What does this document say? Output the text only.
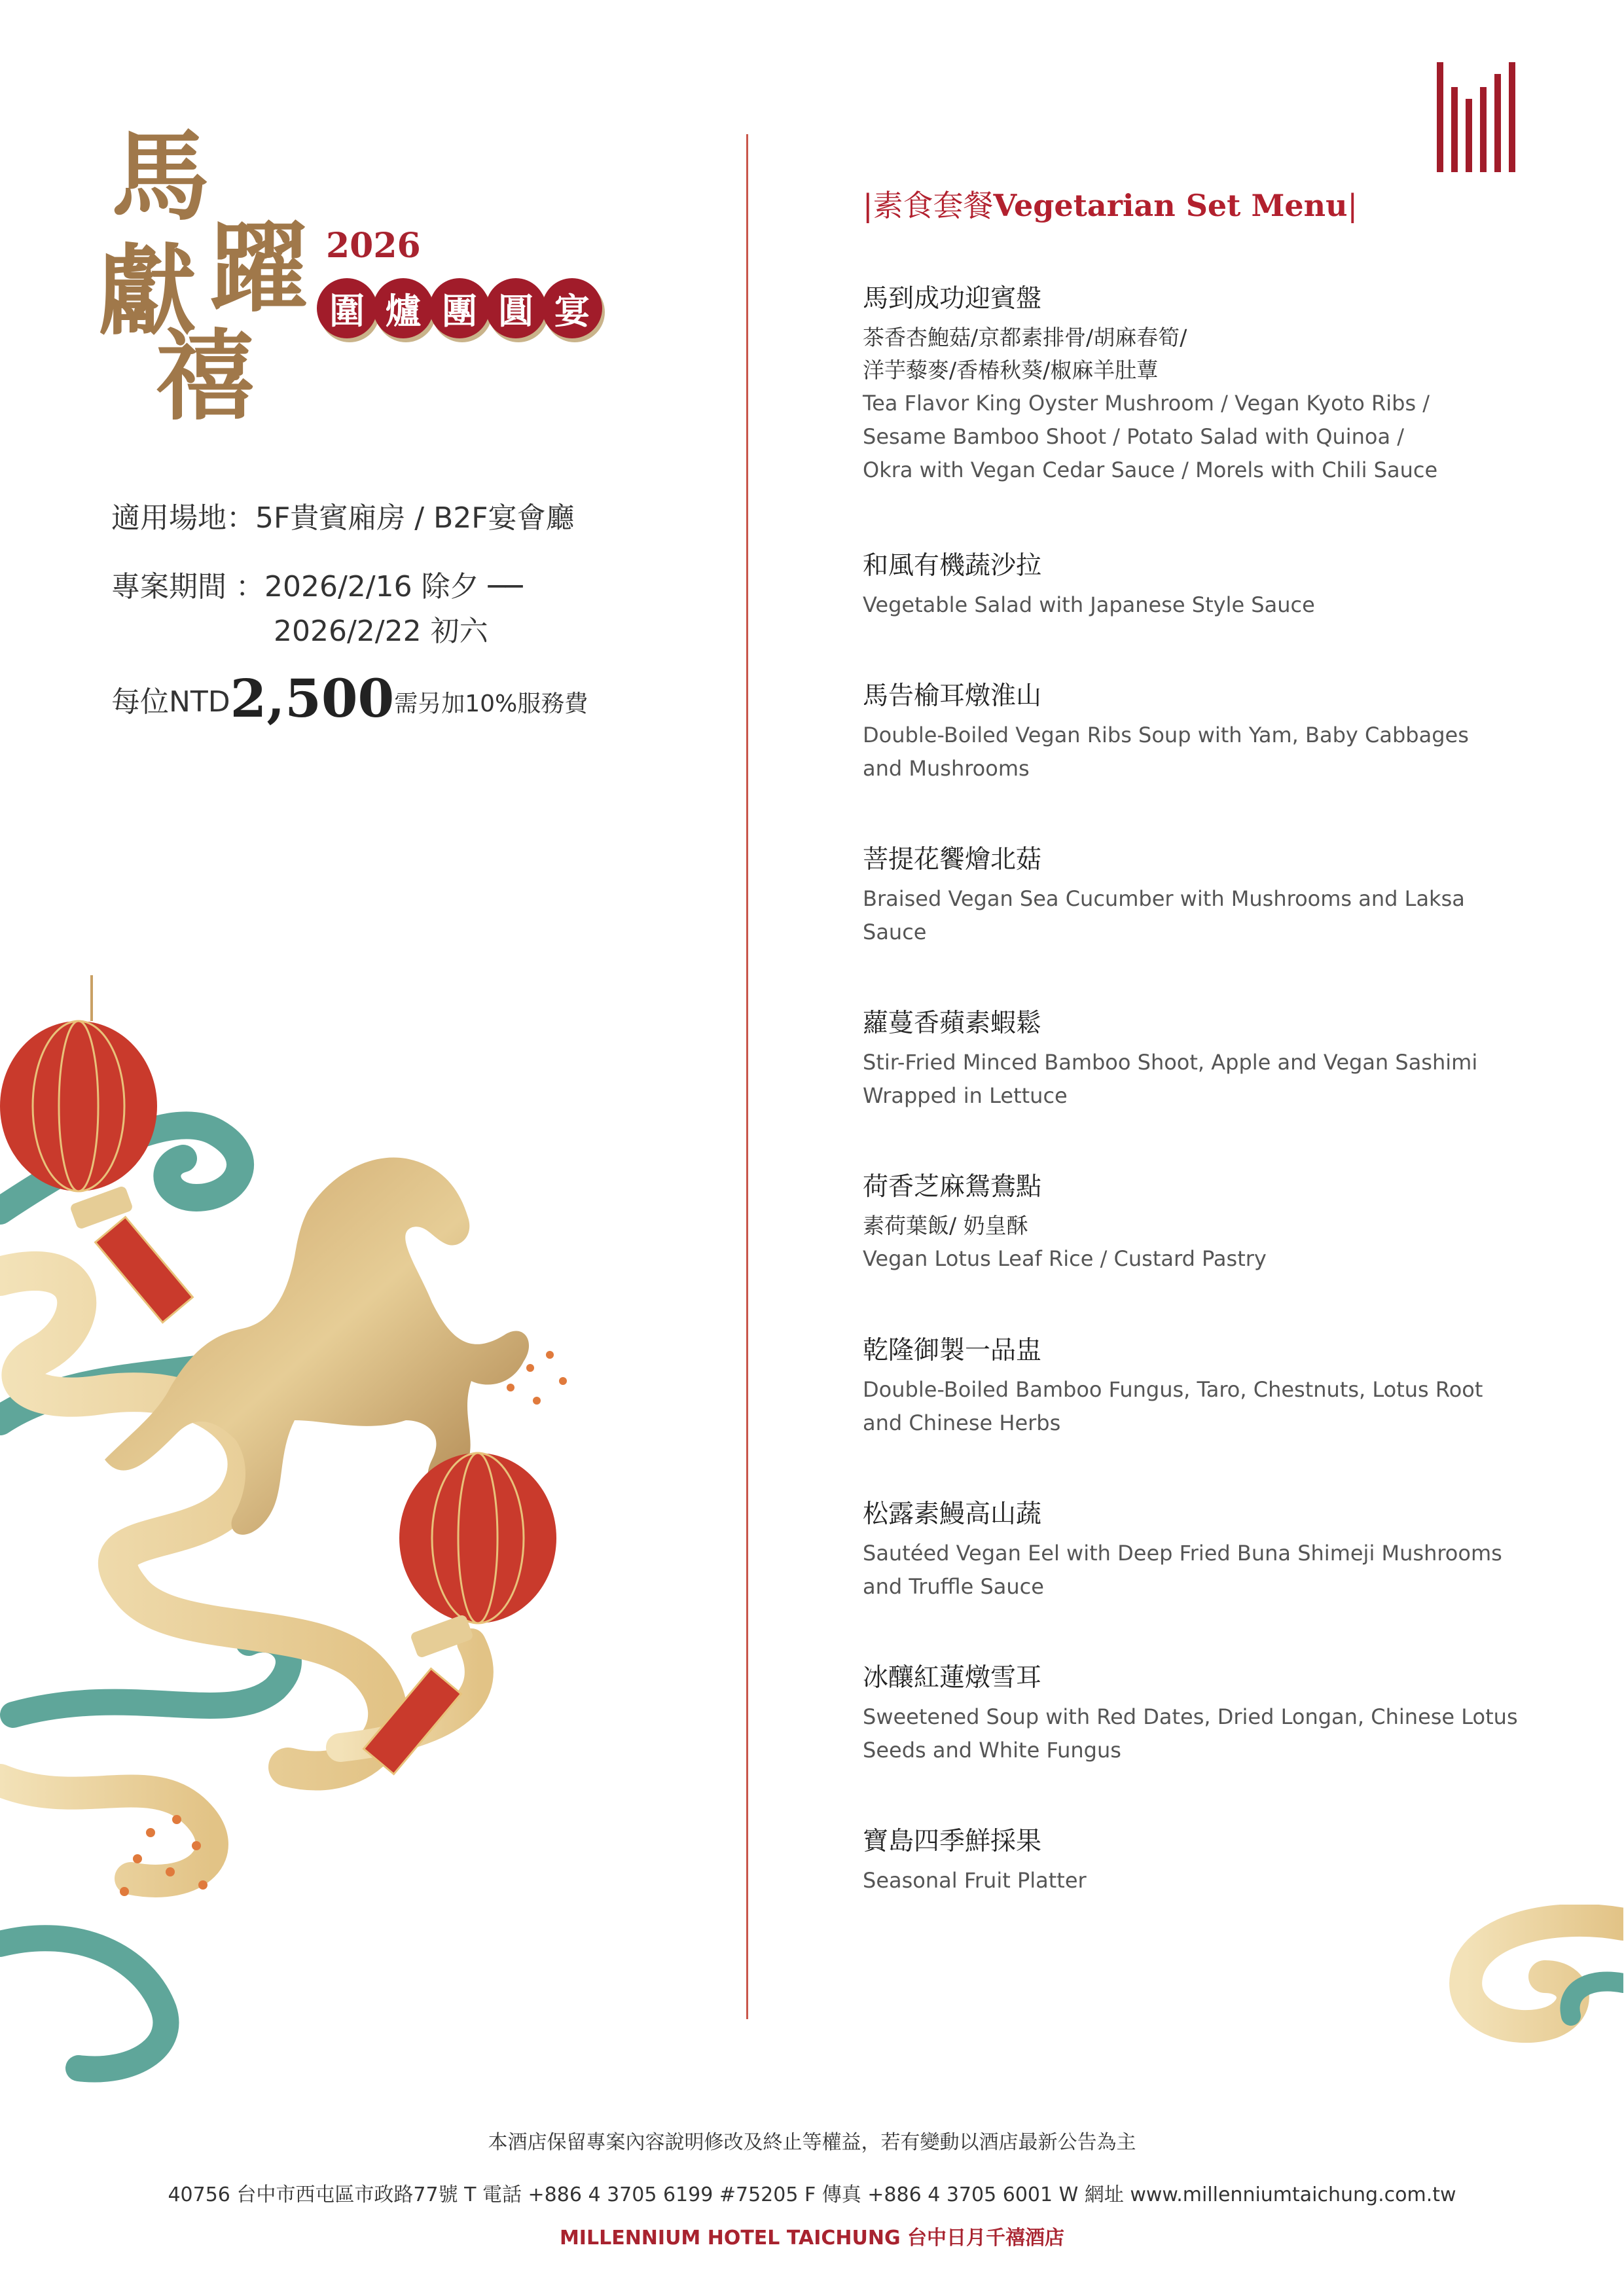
馬
獻 躍
禧
2026
圍 爐 團 圓 宴
適用場地：5F貴賓廂房 / B2F宴會廳
專案期間 ：2026/2/16 除夕 ──
2026/2/22 初六
每位NTD2,500需另加10%服務費
|素食套餐Vegetarian Set Menu|
馬到成功迎賓盤
茶香杏鮑菇/京都素排骨/胡麻春筍/
洋芋藜麥/香椿秋葵/椒麻羊肚蕈
Tea Flavor King Oyster Mushroom / Vegan Kyoto Ribs /
Sesame Bamboo Shoot / Potato Salad with Quinoa /
Okra with Vegan Cedar Sauce / Morels with Chili Sauce
和風有機蔬沙拉
Vegetable Salad with Japanese Style Sauce
馬告榆耳燉淮山
Double-Boiled Vegan Ribs Soup with Yam, Baby Cabbages
and Mushrooms
菩提花饗燴北菇
Braised Vegan Sea Cucumber with Mushrooms and Laksa
Sauce
蘿蔓香蘋素蝦鬆
Stir-Fried Minced Bamboo Shoot, Apple and Vegan Sashimi
Wrapped in Lettuce
荷香芝麻鴛鴦點
素荷葉飯/ 奶皇酥
Vegan Lotus Leaf Rice / Custard Pastry
乾隆御製一品盅
Double-Boiled Bamboo Fungus, Taro, Chestnuts, Lotus Root
and Chinese Herbs
松露素鰻高山蔬
Sautéed Vegan Eel with Deep Fried Buna Shimeji Mushrooms
and Truffle Sauce
冰釀紅蓮燉雪耳
Sweetened Soup with Red Dates, Dried Longan, Chinese Lotus
Seeds and White Fungus
寶島四季鮮採果
Seasonal Fruit Platter
本酒店保留專案內容說明修改及終止等權益，若有變動以酒店最新公告為主
40756 台中市西屯區市政路77號 T 電話 +886 4 3705 6199 #75205 F 傳真 +886 4 3705 6001 W 網址 www.millenniumtaichung.com.tw
MILLENNIUM HOTEL TAICHUNG 台中日月千禧酒店
